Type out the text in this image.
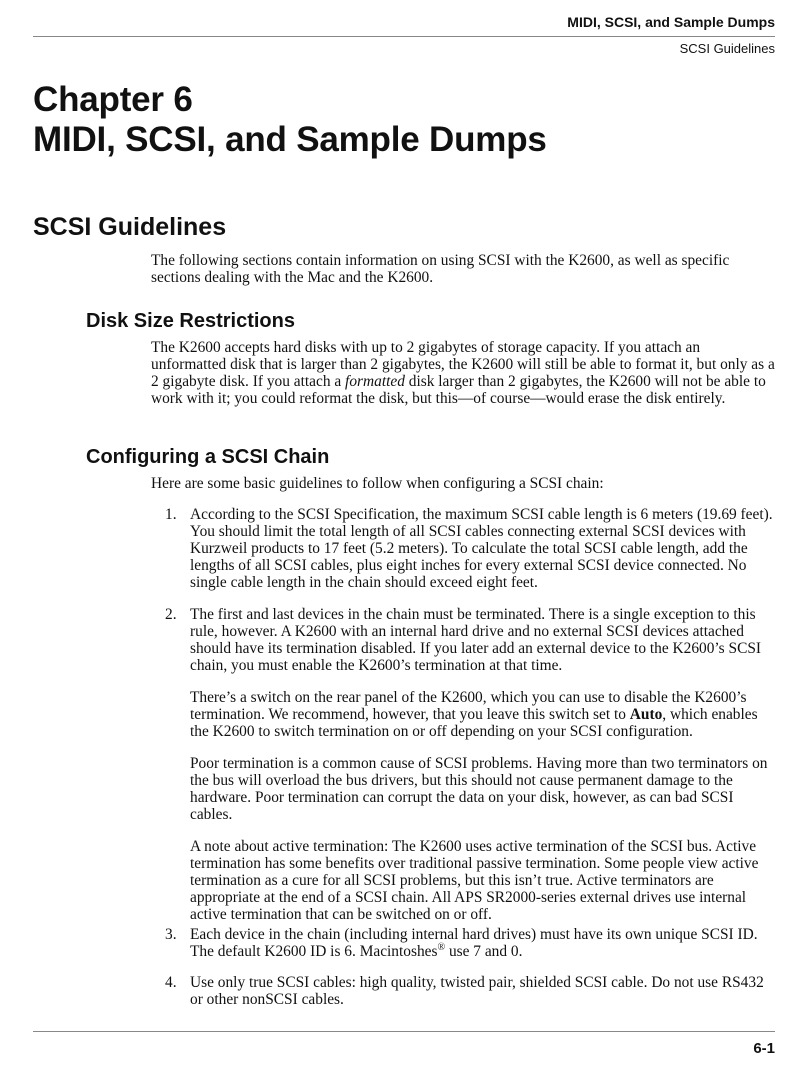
MIDI, SCSI, and Sample Dumps
SCSI Guidelines
Chapter 6
MIDI, SCSI, and Sample Dumps
SCSI Guidelines

The following sections contain information on using SCSI with the K2600, as well as specific sections dealing with the Mac and the K2600.

Disk Size Restrictions

The K2600 accepts hard disks with up to 2 gigabytes of storage capacity. If you attach an unformatted disk that is larger than 2 gigabytes, the K2600 will still be able to format it, but only as a 2 gigabyte disk. If you attach a formatted disk larger than 2 gigabytes, the K2600 will not be able to work with it; you could reformat the disk, but this—of course—would erase the disk entirely.

Configuring a SCSI Chain

Here are some basic guidelines to follow when configuring a SCSI chain:

1. According to the SCSI Specification, the maximum SCSI cable length is 6 meters (19.69 feet). You should limit the total length of all SCSI cables connecting external SCSI devices with Kurzweil products to 17 feet (5.2 meters). To calculate the total SCSI cable length, add the lengths of all SCSI cables, plus eight inches for every external SCSI device connected. No single cable length in the chain should exceed eight feet.

2. The first and last devices in the chain must be terminated. There is a single exception to this rule, however. A K2600 with an internal hard drive and no external SCSI devices attached should have its termination disabled. If you later add an external device to the K2600’s SCSI chain, you must enable the K2600’s termination at that time.

There’s a switch on the rear panel of the K2600, which you can use to disable the K2600’s termination. We recommend, however, that you leave this switch set to Auto, which enables the K2600 to switch termination on or off depending on your SCSI configuration.

Poor termination is a common cause of SCSI problems. Having more than two terminators on the bus will overload the bus drivers, but this should not cause permanent damage to the hardware. Poor termination can corrupt the data on your disk, however, as can bad SCSI cables.

A note about active termination: The K2600 uses active termination of the SCSI bus. Active termination has some benefits over traditional passive termination. Some people view active termination as a cure for all SCSI problems, but this isn’t true. Active terminators are appropriate at the end of a SCSI chain. All APS SR2000-series external drives use internal active termination that can be switched on or off.

3. Each device in the chain (including internal hard drives) must have its own unique SCSI ID. The default K2600 ID is 6. Macintoshes® use 7 and 0.

4. Use only true SCSI cables: high quality, twisted pair, shielded SCSI cable. Do not use RS432 or other nonSCSI cables.

6-1
